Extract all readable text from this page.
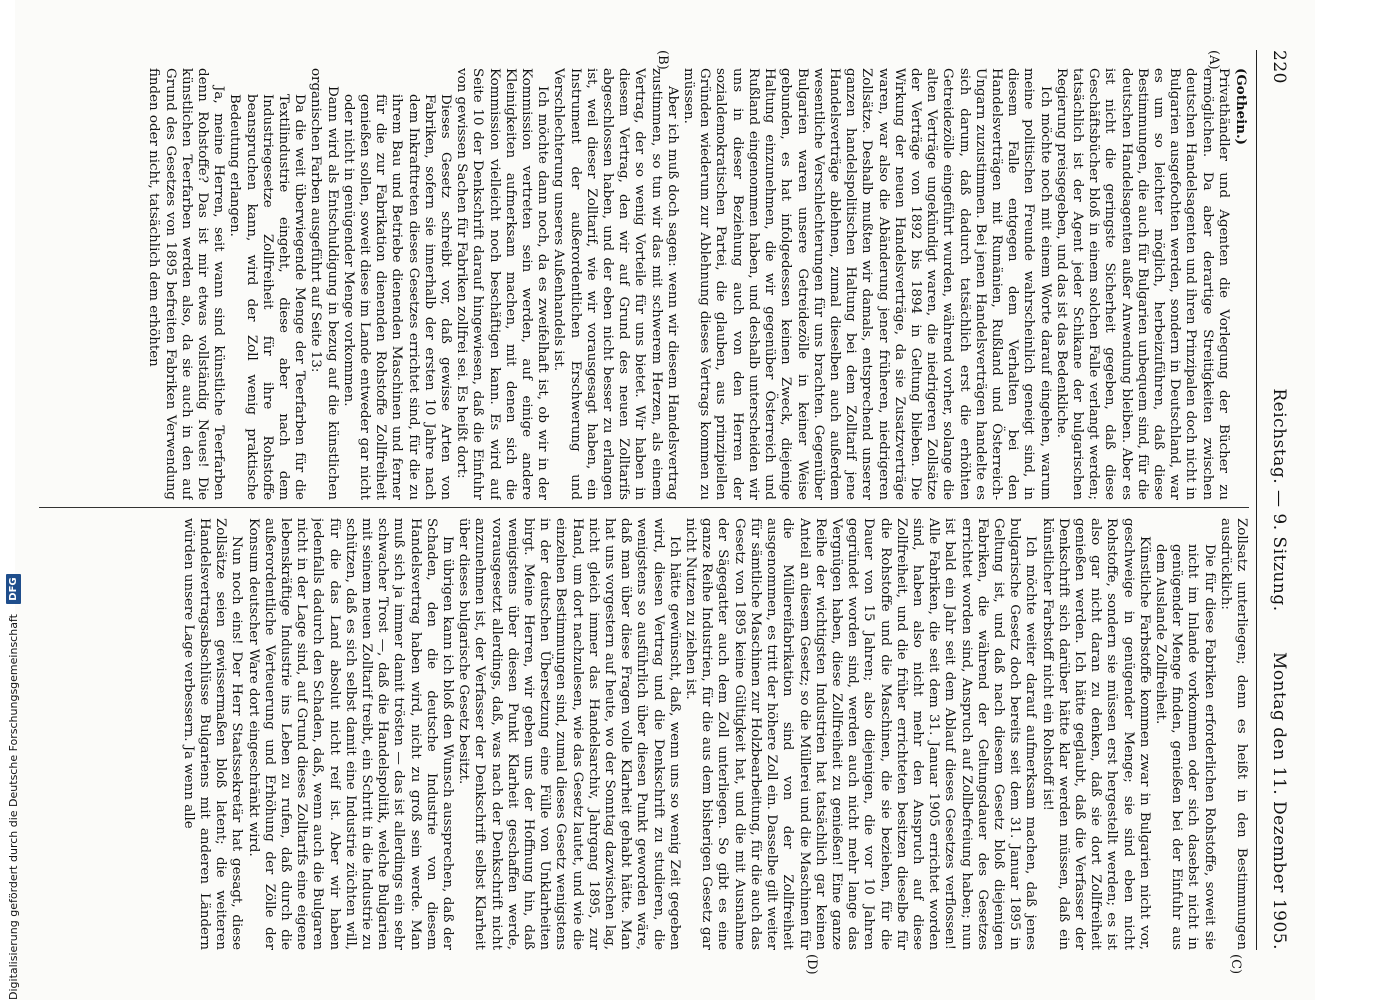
220
Reichstag. — 9. Sitzung.
Montag den 11. Dezember 1905.
(A)
(B)
(C)
(D)
(Gothein.)

Privathändler und Agenten die Vorlegung der Bücher zu ermöglichen. Da aber derartige Streitigkeiten zwischen deutschen Handelsagenten und ihren Prinzipalen doch nicht in Bulgarien ausgefochten werden, sondern in Deutschland, war es um so leichter möglich, herbeizuführen, daß diese Bestimmungen, die auch für Bulgarien unbequem sind, für die deutschen Handelsagenten außer Anwendung bleiben. Aber es ist nicht die geringste Sicherheit gegeben, daß diese Geschäftsbücher bloß in einem solchen Falle verlangt werden; tatsächlich ist der Agent jeder Schikane der bulgarischen Regierung preisgegeben, und das ist das Bedenkliche.

Ich möchte noch mit einem Worte darauf eingehen, warum meine politischen Freunde wahrscheinlich geneigt sind, in diesem Falle entgegen dem Verhalten bei den Handelsverträgen mit Rumänien, Rußland und Österreich-Ungarn zuzustimmen. Bei jenen Handelsverträgen handelte es sich darum, daß dadurch tatsächlich erst die erhöhten Getreidezölle eingeführt wurden, während vorher, solange die alten Verträge ungekündigt waren, die niedrigeren Zollsätze der Verträge von 1892 bis 1894 in Geltung blieben. Die Wirkung der neuen Handelsverträge, da sie Zusatzverträge waren, war also die Abänderung jener früheren, niedrigeren Zollsätze. Deshalb mußten wir damals, entsprechend unserer ganzen handelspolitischen Haltung bei dem Zolltarif jene Handelsverträge ablehnen, zumal dieselben auch außerdem wesentliche Verschlechterungen für uns brachten. Gegenüber Bulgarien waren unsere Getreidezölle in keiner Weise gebunden, es hat infolgedessen keinen Zweck, diejenige Haltung einzunehmen, die wir gegenüber Österreich und Rußland eingenommen haben, und deshalb unterscheiden wir uns in dieser Beziehung auch von den Herren der sozialdemokratischen Partei, die glauben, aus prinzipiellen Gründen wiederum zur Ablehnung dieses Vertrags kommen zu müssen.

Aber ich muß doch sagen: wenn wir diesem Handelsvertrag zustimmen, so tun wir das mit schwerem Herzen, als einem Vertrag, der so wenig Vorteile für uns bietet. Wir haben in diesem Vertrag, den wir auf Grund des neuen Zolltarifs abgeschlossen haben, und der eben nicht besser zu erlangen ist, weil dieser Zolltarif, wie wir vorausgesagt haben, ein Instrument der außerordentlichen Erschwerung und Verschlechterung unseres Außenhandels ist.

Ich möchte dann noch, da es zweifelhaft ist, ob wir in der Kommission vertreten sein werden, auf einige andere Kleinigkeiten aufmerksam machen, mit denen sich die Kommission vielleicht noch beschäftigen kann. Es wird auf Seite 10 der Denkschrift darauf hingewiesen, daß die Einfuhr von gewissen Sachen für Fabriken zollfrei sei. Es heißt dort:

Dieses Gesetz schreibt vor, daß gewisse Arten von Fabriken, sofern sie innerhalb der ersten 10 Jahre nach dem Inkrafttreten dieses Gesetzes errichtet sind, für die zu ihrem Bau und Betriebe dienenden Maschinen und ferner für die zur Fabrikation dienenden Rohstoffe Zollfreiheit genießen sollen, soweit diese im Lande entweder gar nicht oder nicht in genügender Menge vorkommen.

Dann wird als Entschuldigung in bezug auf die künstlichen organischen Farben ausgeführt auf Seite 13:

Da die weit überwiegende Menge der Teerfarben für die Textilindustrie eingeht, diese aber nach dem Industriegesetze Zollfreiheit für ihre Rohstoffe beanspruchen kann, wird der Zoll wenig praktische Bedeutung erlangen.

Ja, meine Herren, seit wann sind künstliche Teerfarben denn Rohstoffe? Das ist mir etwas vollständig Neues! Die künstlichen Teerfarben werden also, da sie auch in den auf Grund des Gesetzes von 1895 befreiten Fabriken Verwendung finden oder nicht, tatsächlich dem erhöhten

Zollsatz unterliegen; denn es heißt in den Bestimmungen ausdrücklich:

Die für diese Fabriken erforderlichen Rohstoffe, soweit sie nicht im Inlande vorkommen oder sich dasebst nicht in genügender Menge finden, genießen bei der Einfuhr aus dem Auslande Zollfreiheit.

Künstliche Farbstoffe kommen zwar in Bulgarien nicht vor, geschweige in genügender Menge; sie sind eben nicht Rohstoffe, sondern sie müssen erst hergestellt werden; es ist also gar nicht daran zu denken, daß sie dort Zollfreiheit genießen werden. Ich hätte geglaubt, daß die Verfasser der Denkschrift sich darüber hätte klar werden müssen, daß ein künstlicher Farbstoff nicht ein Rohstoff ist!

Ich möchte weiter darauf aufmerksam machen, daß jenes bulgarische Gesetz doch bereits seit dem 31. Januar 1895 in Geltung ist, und daß nach diesem Gesetz bloß diejenigen Fabriken, die während der Geltungsdauer des Gesetzes errichtet worden sind, Anspruch auf Zollbefreiung haben; nun ist bald ein Jahr seit dem Ablauf dieses Gesetzes verflossen! Alle Fabriken, die seit dem 31. Januar 1905 errichtet worden sind, haben also nicht mehr den Anspruch auf diese Zollfreiheit, und die früher errichteten besitzen dieselbe für die Rohstoffe und die Maschinen, die sie beziehen, für die Dauer von 15 Jahren; also diejenigen, die vor 10 Jahren gegründet worden sind, werden auch nicht mehr lange das Vergnügen haben, diese Zollfreiheit zu genießen! Eine ganze Reihe der wichtigsten Industrien hat tatsächlich gar keinen Anteil an diesem Gesetz; so die Müllerei und die Maschinen für die Müllereifabrikation sind von der Zollfreiheit ausgenommen, es tritt der höhere Zoll ein. Dasselbe gilt weiter für sämtliche Maschinen zur Holzbearbeitung, für die auch das Gesetz von 1895 keine Gültigkeit hat, und die mit Ausnahme der Sägegatter auch dem Zoll unterliegen. So gibt es eine ganze Reihe Industrien, für die aus dem bisherigen Gesetz gar nicht Nutzen zu ziehen ist.

Ich hätte gewünscht, daß, wenn uns so wenig Zeit gegeben wird, diesen Vertrag und die Denkschrift zu studieren, die wenigstens so ausführlich über diesen Punkt geworden wäre, daß man über diese Fragen volle Klarheit gehabt hätte. Man hat uns vorgestern auf heute, wo der Sonntag dazwischen lag, nicht gleich immer das Handelsarchiv, Jahrgang 1895, zur Hand, um dort nachzulesen, wie das Gesetz lautet, und wie die einzelnen Bestimmungen sind, zumal dieses Gesetz wenigstens in der deutschen Übersetzung eine Fülle von Unklarheiten birgt. Meine Herren, wir geben uns der Hoffnung hin, daß wenigstens über diesen Punkt Klarheit geschaffen werde, vorausgesetzt allerdings, daß, was nach der Denkschrift nicht anzunehmen ist, der Verfasser der Denkschrift selbst Klarheit über dieses bulgarische Gesetz besitzt.

Im übrigen kann ich bloß den Wunsch aussprechen, daß der Schaden, den die deutsche Industrie von diesem Handelsvertrag haben wird, nicht zu groß sein werde. Man muß sich ja immer damit trösten — das ist allerdings ein sehr schwacher Trost —, daß die Handelspolitik, welche Bulgarien mit seinem neuen Zolltarif treibt, ein Schritt in die Industrie zu schützen, daß es sich selbst damit eine Industrie züchten will, für die das Land absolut nicht reif ist. Aber wir haben jedenfalls dadurch den Schaden, daß, wenn auch die Bulgaren nicht in der Lage sind, auf Grund dieses Zolltarifs eine eigene lebenskräftige Industrie ins Leben zu rufen, daß durch die außerordentliche Verteuerung und Erhöhung der Zölle der Konsum deutscher Ware dort eingeschränkt wird.

Nun noch eins! Der Herr Staatssekretär hat gesagt, diese Zollsätze seien gewissermaßen bloß latent; die weiteren Handelsvertragsabschlüsse Bulgariens mit anderen Ländern würden unsere Lage verbessern. Ja wenn alle

Digitalisierung gefördert durch die Deutsche Forschungsgemeinschaft
DFG
